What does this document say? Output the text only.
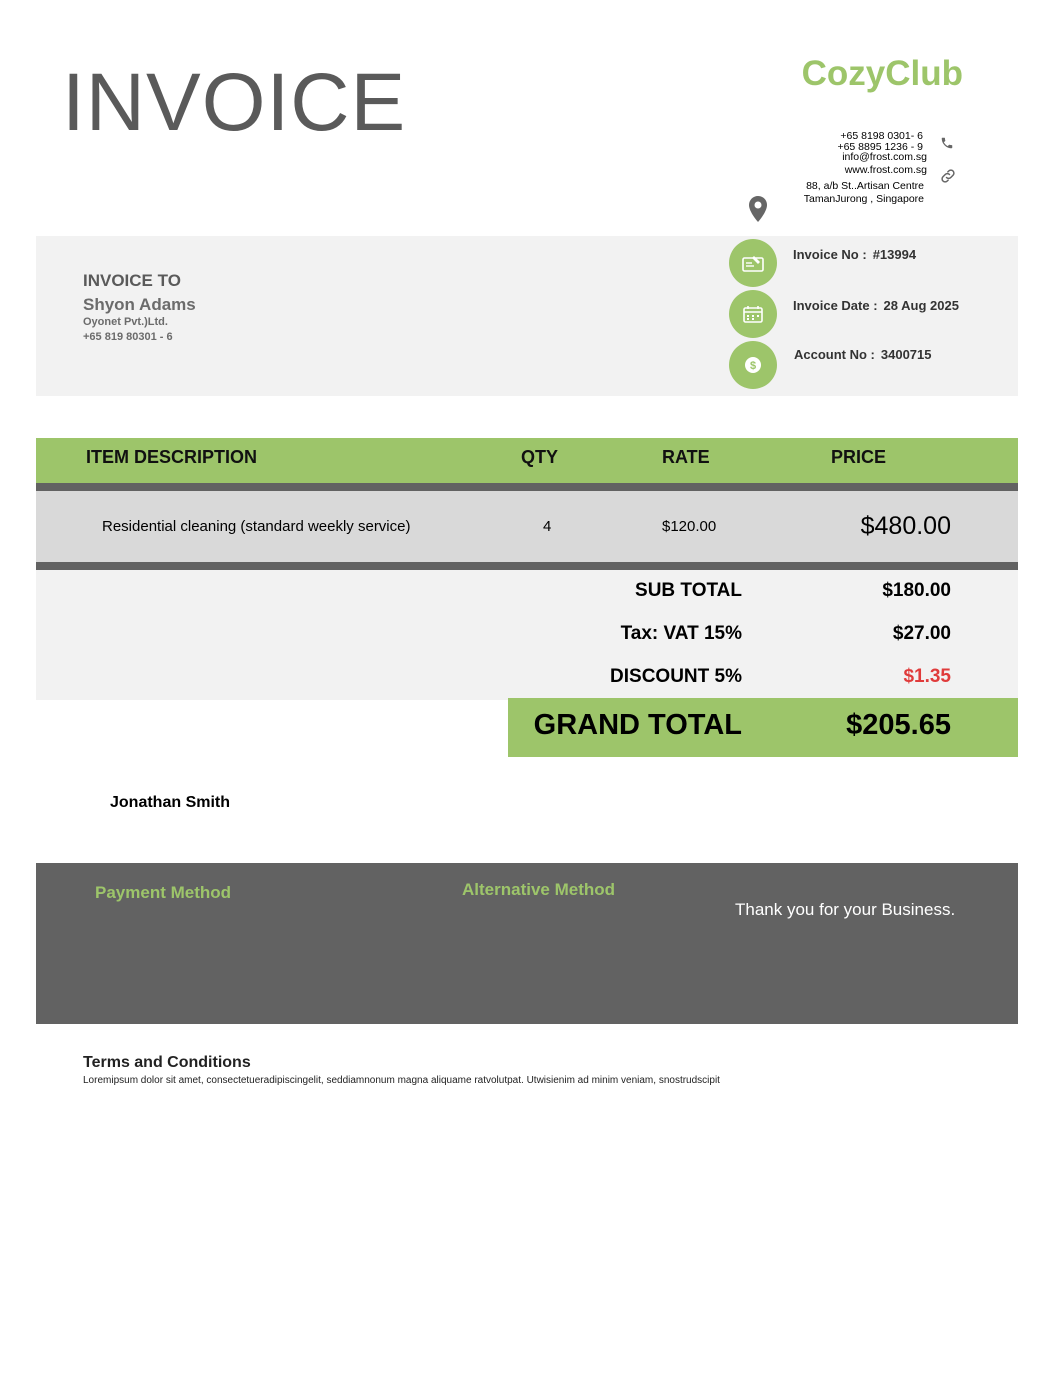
INVOICE	CozyClub
+65 8198 0301- 6
+65 8895 1236 - 9
info@frost.com.sg
www.frost.com.sg
88, a/b St..Artisan Centre
TamanJurong , Singapore
INVOICE TO
Shyon Adams
Oyonet Pvt.)Ltd.
+65 819 80301 - 6
$
Invoice No : #13994
Invoice Date : 28 Aug 2025
Account No : 3400715
ITEM DESCRIPTION	QTY	RATE	PRICE
Residential cleaning (standard weekly service)	4	$120.00	$480.00
SUB TOTAL	$180.00
Tax: VAT 15%	$27.00
DISCOUNT 5%	$1.35
GRAND TOTAL	$205.65
Jonathan Smith
Payment Method	Alternative Method
Thank you for your Business.
Terms and Conditions
Loremipsum dolor sit amet, consectetueradipiscingelit, seddiamnonum magna aliquame ratvolutpat. Utwisienim ad minim veniam, snostrudscipit
